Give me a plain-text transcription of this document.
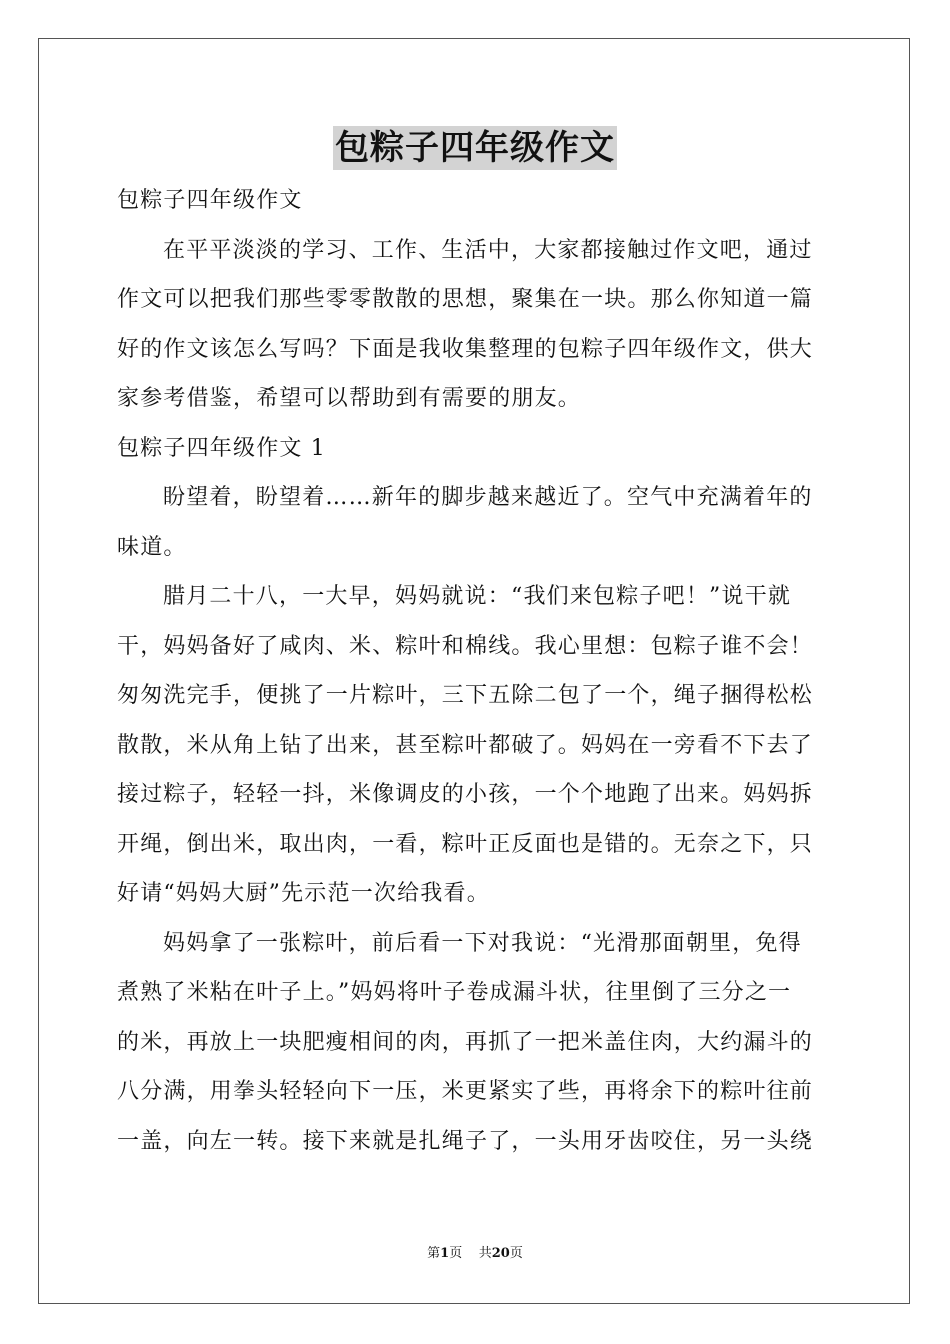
包粽子四年级作文

包粽子四年级作文

在平平淡淡的学习、工作、生活中，大家都接触过作文吧，通过

作文可以把我们那些零零散散的思想，聚集在一块。那么你知道一篇

好的作文该怎么写吗？下面是我收集整理的包粽子四年级作文，供大

家参考借鉴，希望可以帮助到有需要的朋友。

包粽子四年级作文 1

盼望着，盼望着……新年的脚步越来越近了。空气中充满着年的

味道。

腊月二十八，一大早，妈妈就说：“我们来包粽子吧！”说干就

干，妈妈备好了咸肉、米、粽叶和棉线。我心里想：包粽子谁不会！

匆匆洗完手，便挑了一片粽叶，三下五除二包了一个，绳子捆得松松

散散，米从角上钻了出来，甚至粽叶都破了。妈妈在一旁看不下去了

接过粽子，轻轻一抖，米像调皮的小孩，一个个地跑了出来。妈妈拆

开绳，倒出米，取出肉，一看，粽叶正反面也是错的。无奈之下，只

好请“妈妈大厨”先示范一次给我看。

妈妈拿了一张粽叶，前后看一下对我说：“光滑那面朝里，免得

煮熟了米粘在叶子上。”妈妈将叶子卷成漏斗状，往里倒了三分之一

的米，再放上一块肥瘦相间的肉，再抓了一把米盖住肉，大约漏斗的

八分满，用拳头轻轻向下一压，米更紧实了些，再将余下的粽叶往前

一盖，向左一转。接下来就是扎绳子了，一头用牙齿咬住，另一头绕

第1页 共20页
